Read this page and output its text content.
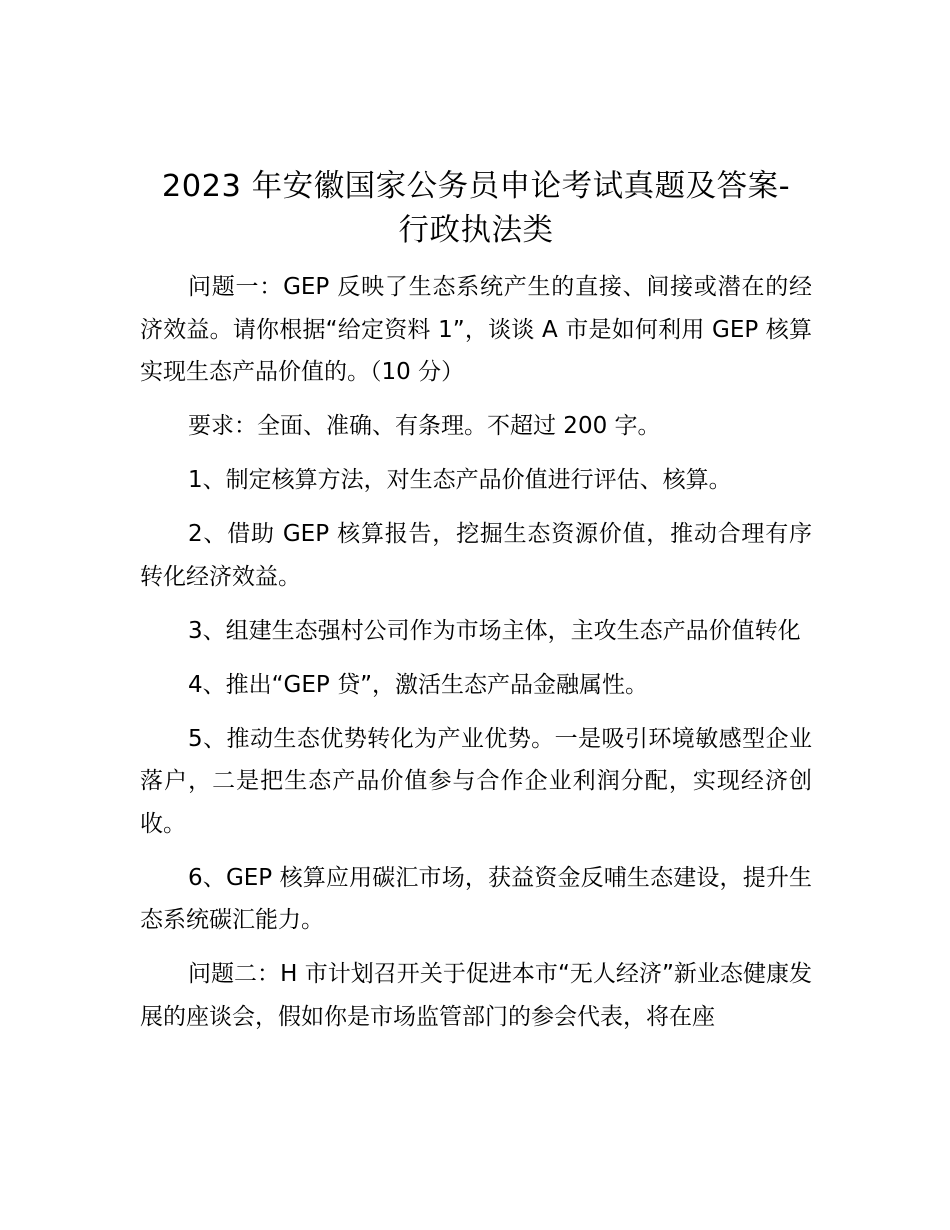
2023 年安徽国家公务员申论考试真题及答案-
行政执法类

问题一：GEP 反映了生态系统产生的直接、间接或潜在的经济效益。请你根据“给定资料 1”，谈谈 A 市是如何利用 GEP 核算实现生态产品价值的。（10 分）

要求：全面、准确、有条理。不超过 200 字。

1、制定核算方法，对生态产品价值进行评估、核算。

2、借助 GEP 核算报告，挖掘生态资源价值，推动合理有序转化经济效益。

3、组建生态强村公司作为市场主体，主攻生态产品价值转化

4、推出“GEP 贷”，激活生态产品金融属性。

5、推动生态优势转化为产业优势。一是吸引环境敏感型企业落户，二是把生态产品价值参与合作企业利润分配，实现经济创收。

6、GEP 核算应用碳汇市场，获益资金反哺生态建设，提升生态系统碳汇能力。

问题二：H 市计划召开关于促进本市“无人经济”新业态健康发展的座谈会，假如你是市场监管部门的参会代表，将在座
